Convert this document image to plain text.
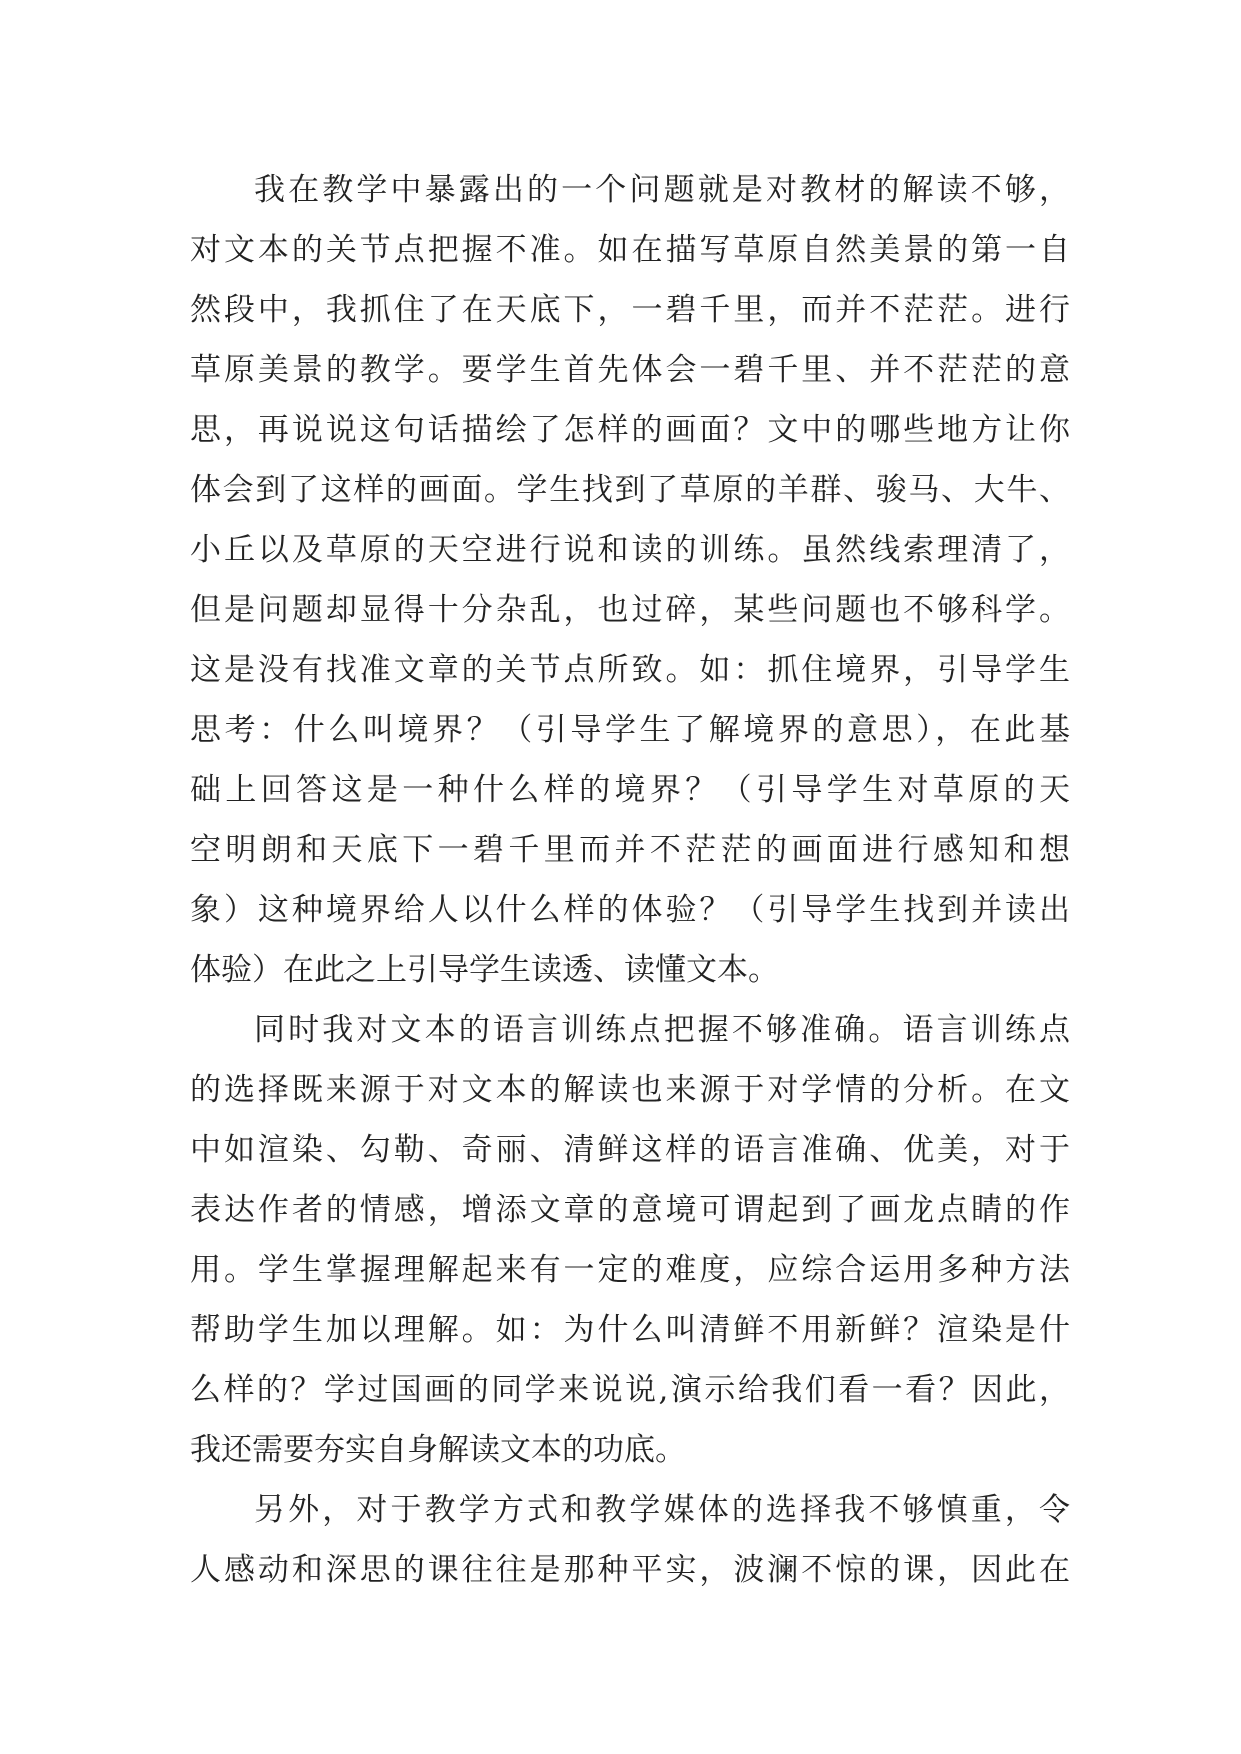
我在教学中暴露出的一个问题就是对教材的解读不够，
对文本的关节点把握不准。如在描写草原自然美景的第一自
然段中，我抓住了在天底下，一碧千里，而并不茫茫。进行
草原美景的教学。要学生首先体会一碧千里、并不茫茫的意
思，再说说这句话描绘了怎样的画面？文中的哪些地方让你
体会到了这样的画面。学生找到了草原的羊群、骏马、大牛、
小丘以及草原的天空进行说和读的训练。虽然线索理清了，
但是问题却显得十分杂乱，也过碎，某些问题也不够科学。
这是没有找准文章的关节点所致。如：抓住境界，引导学生
思考：什么叫境界？（引导学生了解境界的意思），在此基
础上回答这是一种什么样的境界？（引导学生对草原的天
空明朗和天底下一碧千里而并不茫茫的画面进行感知和想
象）这种境界给人以什么样的体验？（引导学生找到并读出
体验）在此之上引导学生读透、读懂文本。
同时我对文本的语言训练点把握不够准确。语言训练点
的选择既来源于对文本的解读也来源于对学情的分析。在文
中如渲染、勾勒、奇丽、清鲜这样的语言准确、优美，对于
表达作者的情感，增添文章的意境可谓起到了画龙点睛的作
用。学生掌握理解起来有一定的难度，应综合运用多种方法
帮助学生加以理解。如：为什么叫清鲜不用新鲜？渲染是什
么样的？学过国画的同学来说说,演示给我们看一看？因此，
我还需要夯实自身解读文本的功底。
另外，对于教学方式和教学媒体的选择我不够慎重，令
人感动和深思的课往往是那种平实，波澜不惊的课，因此在
